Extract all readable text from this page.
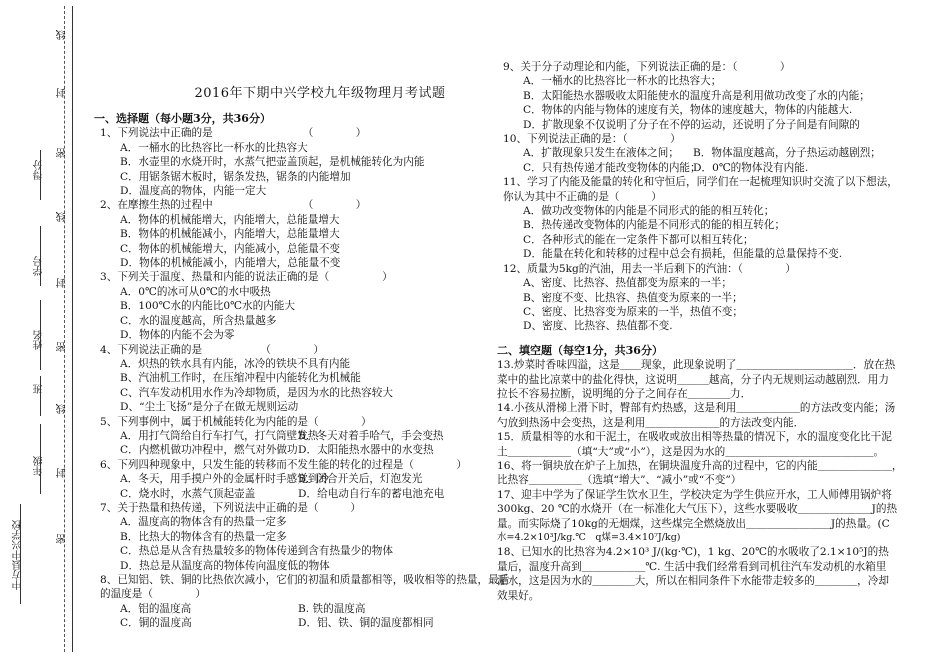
线
封
密
得分
线
学号
封
姓名 密
班
线
年级 封
中方县中兴学校	密
2016年下期中兴学校九年级物理月考试题

一、选择题（每小题3分，共36分）

1、下列说法中正确的是　　　　　　　　　（　　　　）

A．一桶水的比热容比一杯水的比热容大

B．水壶里的水烧开时，水蒸气把壶盖顶起，是机械能转化为内能

C．用锯条锯木板时，锯条发热，锯条的内能增加

D．温度高的物体，内能一定大

2、在摩擦生热的过程中　　　　　　　　　（　　　　）

A．物体的机械能增大，内能增大，总能量增大

B．物体的机械能减小，内能增大，总能量增大

C．物体的机械能增大，内能减小，总能量不变

D．物体的机械能减小，内能增大，总能量不变

3、下列关于温度、热量和内能的说法正确的是（　　　　　）

A．0℃的冰可从0℃的水中吸热

B．100℃水的内能比0℃水的内能大

C．水的温度越高，所含热量越多

D．物体的内能不会为零

4、下列说法正确的是　　　　　　（　　　　）

A．炽热的铁水具有内能，冰冷的铁块不具有内能

B、汽油机工作时，在压缩冲程中内能转化为机械能

C、汽车发动机用水作为冷却物质，是因为水的比热容较大

D、“尘土飞扬”是分子在做无规则运动

5、下列事例中，属于机械能转化为内能的是（　　　　）

A．用打气筒给自行车打气，打气筒壁发热
B．冬天对着手哈气，手会变热
C．内燃机做功冲程中，燃气对外做功 D．太阳能热水器中的水变热

6、下列四种现象中，只发生能的转移而不发生能的转化的过程是（　　　　）

A．冬天，用手摸户外的金属杆时手感觉到冷
B．闭合开关后，灯泡发光
C．烧水时，水蒸气顶起壶盖	D．给电动自行车的蓄电池充电

7、关于热量和热传递，下列说法中正确的是（　　　）

A．温度高的物体含有的热量一定多

B．比热大的物体含有的热量一定多

C．热总是从含有热量较多的物体传递到含有热量少的物体

D．热总是从温度高的物体传向温度低的物体

8、已知铝、铁、铜的比热依次减小，它们的初温和质量都相等，吸收相等的热量，最后

的温度是（　　　　）

A．铝的温度高	B. 铁的温度高
C．铜的温度高	D．铝、铁、铜的温度都相同

9、关于分子动理论和内能，下列说法正确的是：（　　　　）

A．一桶水的比热容比一杯水的比热容大；

B．太阳能热水器吸收太阳能使水的温度升高是利用做功改变了水的内能；

C．物体的内能与物体的速度有关，物体的速度越大，物体的内能越大.

D．扩散现象不仅说明了分子在不停的运动，还说明了分子间是有间隙的

10、下列说法正确的是：（　　　　）

A．扩散现象只发生在液体之间；	B．物体温度越高，分子热运动越剧烈；
C．只有热传递才能改变物体的内能；
D．0℃的物体没有内能.

11、学习了内能及能量的转化和守恒后，同学们在一起梳理知识时交流了以下想法，

你认为其中不正确的是（　　　）

A．做功改变物体的内能是不同形式的能的相互转化；

B．热传递改变物体的内能是不同形式的能的相互转化；

C．各种形式的能在一定条件下都可以相互转化；

D．能量在转化和转移的过程中总会有损耗，但能量的总量保持不变.

12、质量为5kg的汽油，用去一半后剩下的汽油：（　　　　）

A、密度、比热容、热值都变为原来的一半；

B、密度不变、比热容、热值变为原来的一半；

C、密度、比热容变为原来的一半，热值不变；

D、密度、比热容、热值都不变.

二、填空题（每空1分，共36分）

13.炒菜时香味四溢，这是＿＿现象，此现象说明了＿＿＿＿＿＿＿＿＿＿＿．放在热

菜中的盐比凉菜中的盐化得快，这说明＿＿＿越高，分子内无规则运动越剧烈．用力

拉长不容易拉断，说明绳的分子之间存在＿＿＿＿力．

14.小孩从滑梯上滑下时，臀部有灼热感，这是利用＿＿＿＿＿＿的方法改变内能；汤

勺放到热汤中会变热，这是利用＿＿＿＿＿＿＿的方法改变内能．

15．质量相等的水和干泥土，在吸收或放出相等热量的情况下，水的温度变化比干泥

土＿＿＿＿＿＿（填“大”或“小”），这是因为水的＿＿＿＿＿＿＿＿＿＿＿＿＿＿。

16、将一铜块放在炉子上加热，在铜块温度升高的过程中，它的内能＿＿＿＿＿＿＿，

比热容＿＿＿＿＿（选填“增大”、“减小”或“不变”）

17、迎丰中学为了保证学生饮水卫生，学校决定为学生供应开水，工人师傅用锅炉将

300kg、20 ℃的水烧开（在一标准化大气压下），这些水要吸收＿＿＿＿＿＿＿J的热

量。而实际烧了10kg的无烟煤，这些煤完全燃烧放出＿＿＿＿＿＿＿＿J的热量。(C

水=4.2×10³J/kg.℃　q煤=3.4×10⁷J/kg)

18、已知水的比热容为4.2×10³ J/(kg·℃)，1 kg、20℃的水吸收了2.1×10⁵J的热

量后，温度升高到＿＿＿＿＿＿℃. 生活中我们经常看到司机往汽车发动机的水箱里

灌水，这是因为水的＿＿＿＿大，所以在相同条件下水能带走较多的＿＿＿＿，冷却

效果好。
